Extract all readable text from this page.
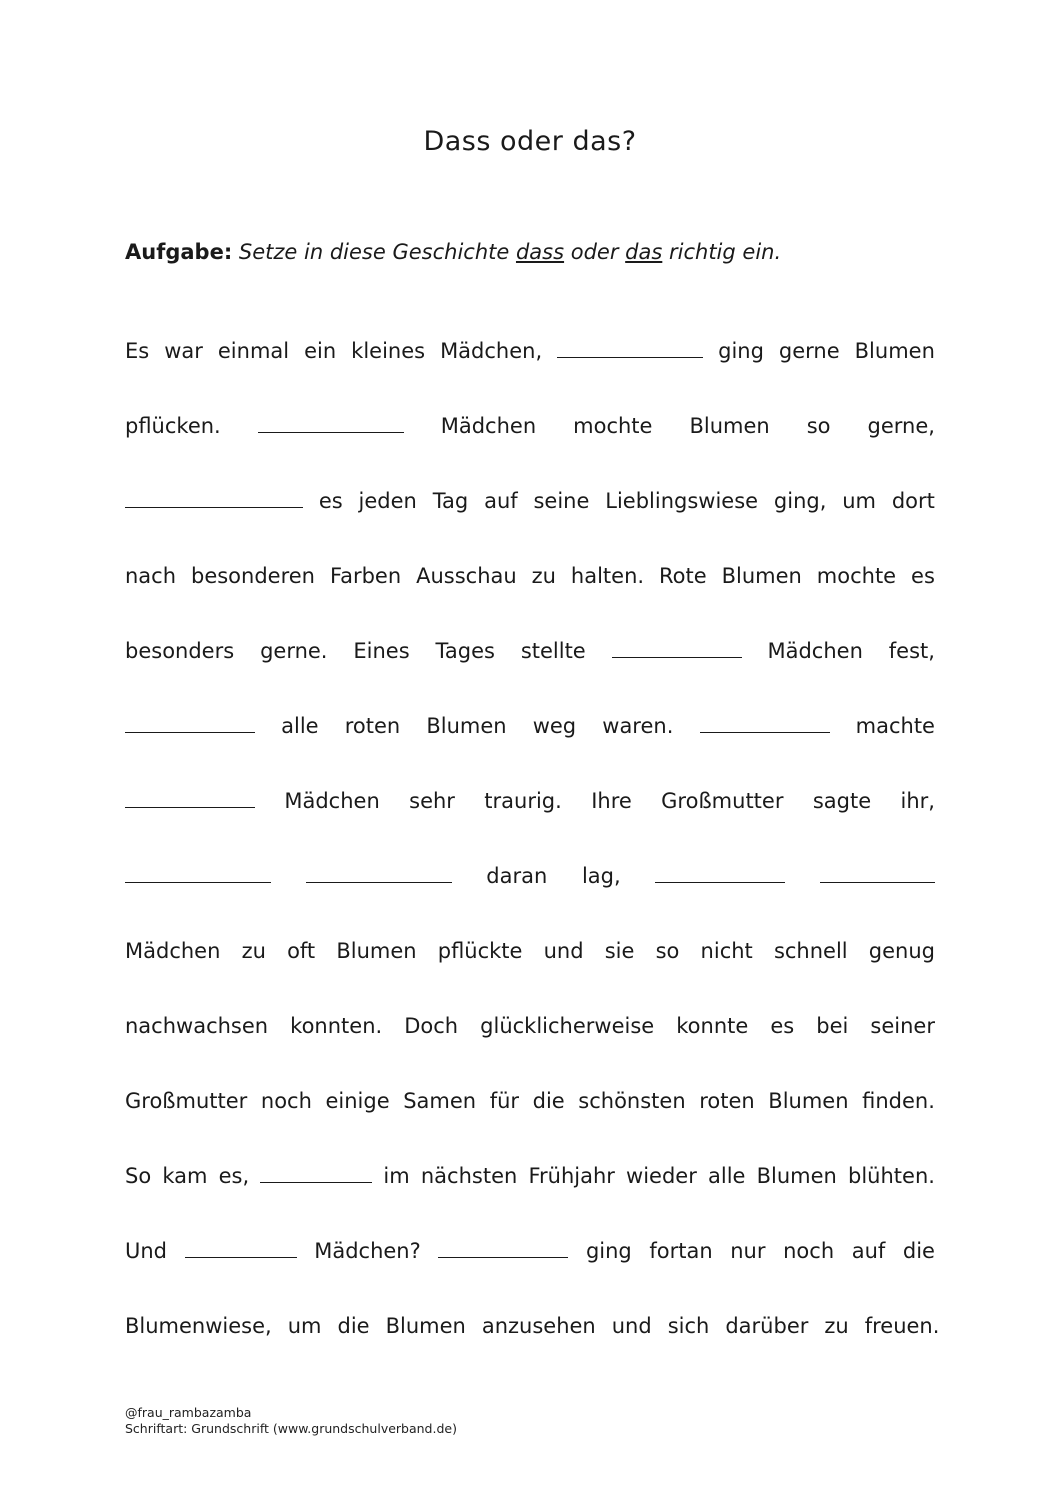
Dass oder das?
Aufgabe: Setze in diese Geschichte dass oder das richtig ein.
Es war einmal ein kleines Mädchen,	ging gerne Blumen
pflücken.	Mädchen mochte Blumen so gerne,
es jeden Tag auf seine Lieblingswiese ging, um dort
nach besonderen Farben Ausschau zu halten. Rote Blumen mochte es
besonders gerne. Eines Tages stellte	Mädchen fest,
alle roten Blumen weg waren.	machte
Mädchen sehr traurig. Ihre Großmutter sagte ihr,
daran lag,
Mädchen zu oft Blumen pflückte und sie so nicht schnell genug
nachwachsen konnten. Doch glücklicherweise konnte es bei seiner
Großmutter noch einige Samen für die schönsten roten Blumen finden.
So kam es,	im nächsten Frühjahr wieder alle Blumen blühten.
Und	Mädchen?	ging fortan nur noch auf die
Blumenwiese, um die Blumen anzusehen und sich darüber zu freuen.
@frau_rambazamba
Schriftart: Grundschrift (www.grundschulverband.de)
